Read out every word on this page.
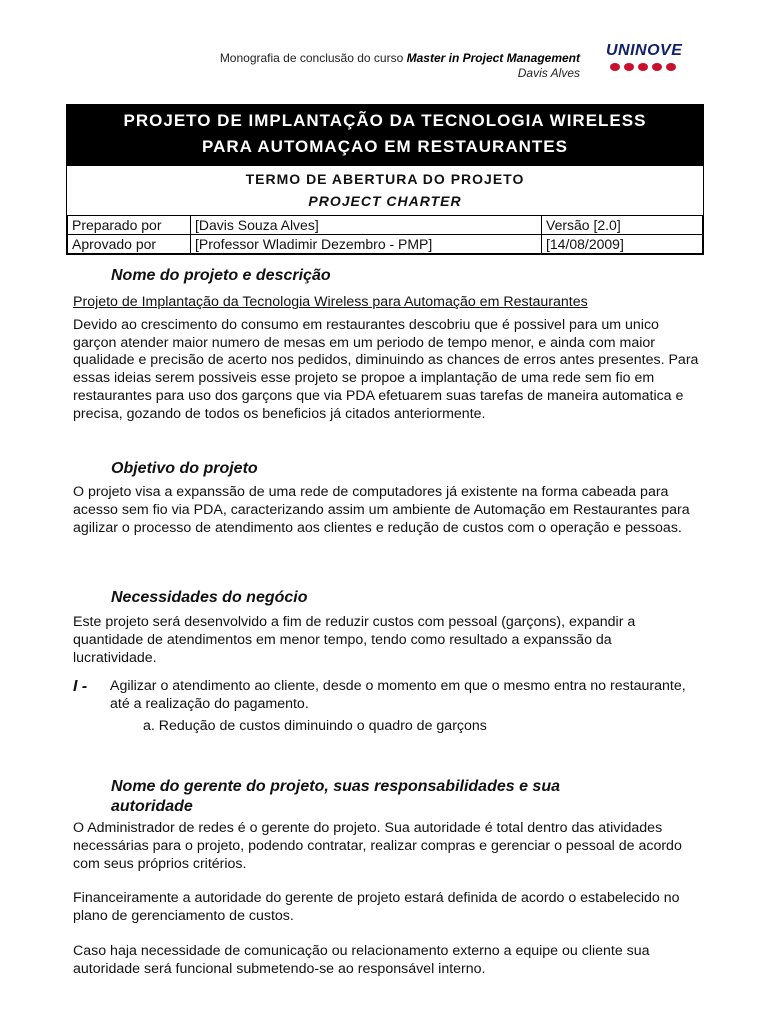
Monografia de conclusão do curso Master in Project Management
Davis Alves
UNINOVE
PROJETO DE IMPLANTAÇÃO DA TECNOLOGIA WIRELESS
PARA AUTOMAÇAO EM RESTAURANTES
TERMO DE ABERTURA DO PROJETO
PROJECT CHARTER
Preparado por	[Davis Souza Alves]	Versão [2.0]
Aprovado por	[Professor Wladimir Dezembro - PMP]	[14/08/2009]
Nome do projeto e descrição

Projeto de Implantação da Tecnologia Wireless para Automação em Restaurantes

Devido ao crescimento do consumo em restaurantes descobriu que é possivel para um unico garçon atender maior numero de mesas em um periodo de tempo menor, e ainda com maior qualidade e precisão de acerto nos pedidos, diminuindo as chances de erros antes presentes. Para essas ideias serem possiveis esse projeto se propoe a implantação de uma rede sem fio em restaurantes para uso dos garçons que via PDA efetuarem suas tarefas de maneira automatica e precisa, gozando de todos os beneficios já citados anteriormente.

Objetivo do projeto

O projeto visa a expanssão de uma rede de computadores já existente na forma cabeada para acesso sem fio via PDA, caracterizando assim um ambiente de Automação em Restaurantes para agilizar o processo de atendimento aos clientes e redução de custos com o operação e pessoas.

Necessidades do negócio

Este projeto será desenvolvido a fim de reduzir custos com pessoal (garçons), expandir a quantidade de atendimentos em menor tempo, tendo como resultado a expanssão da lucratividade.

I - Agilizar o atendimento ao cliente, desde o momento em que o mesmo entra no restaurante, até a realização do pagamento.

a. Redução de custos diminuindo o quadro de garçons

Nome do gerente do projeto, suas responsabilidades e sua
autoridade

O Administrador de redes é o gerente do projeto. Sua autoridade é total dentro das atividades necessárias para o projeto, podendo contratar, realizar compras e gerenciar o pessoal de acordo com seus próprios critérios.

Financeiramente a autoridade do gerente de projeto estará definida de acordo o estabelecido no plano de gerenciamento de custos.

Caso haja necessidade de comunicação ou relacionamento externo a equipe ou cliente sua autoridade será funcional submetendo-se ao responsável interno.
